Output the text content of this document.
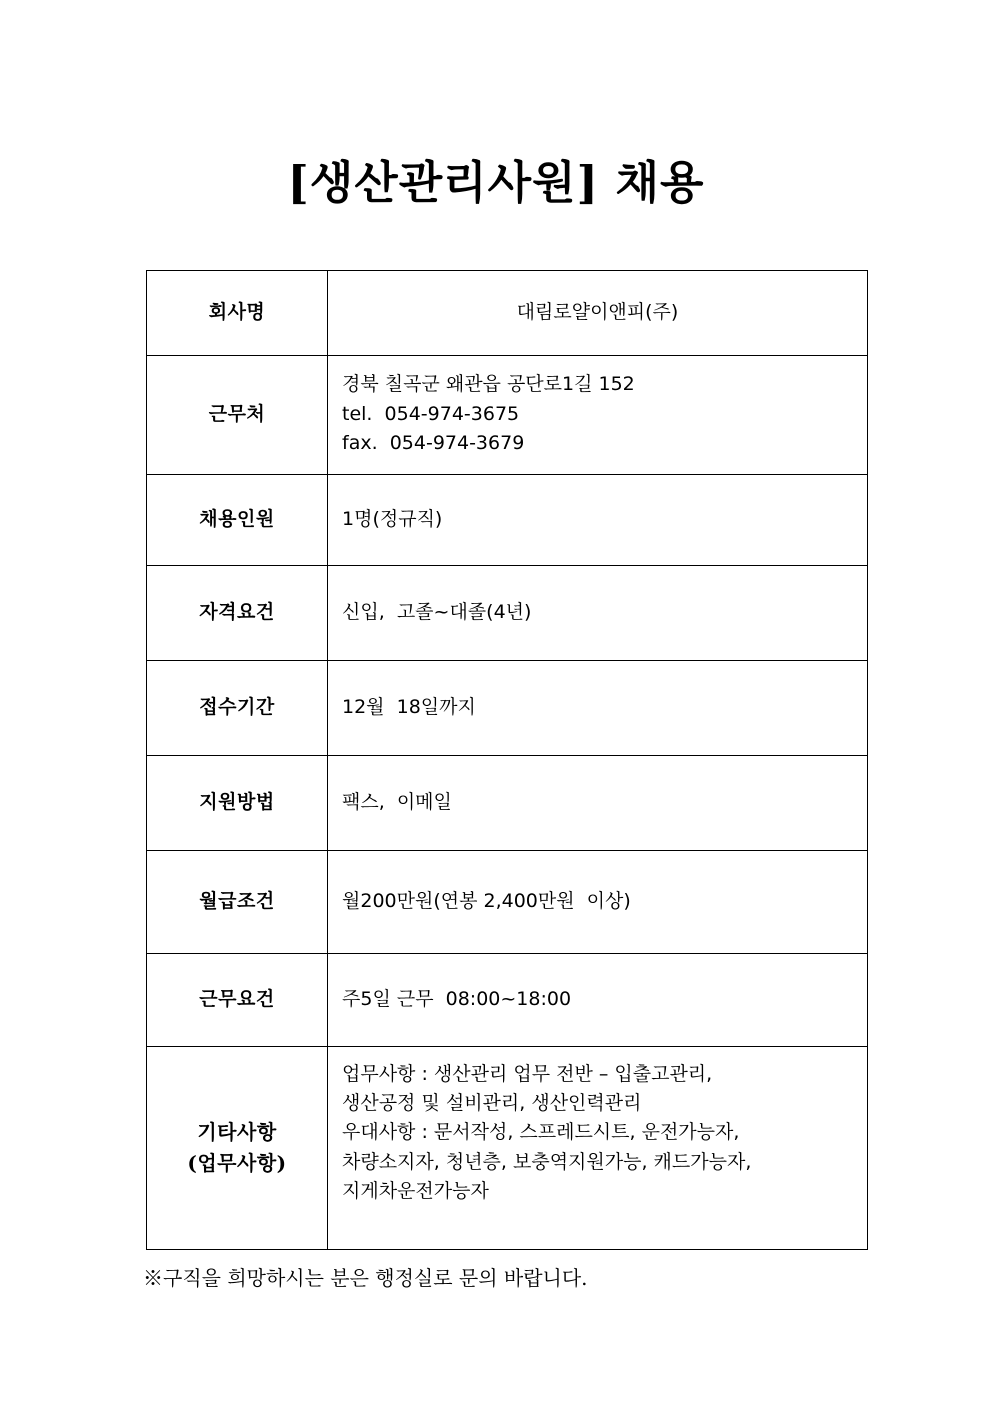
[생산관리사원] 채용
회사명	대림로얄이앤피(주)

근무처	경북 칠곡군 왜관읍 공단로1길 152
tel.  054-974-3675
fax.  054-974-3679

채용인원	1명(정규직)

자격요건	신입,  고졸~대졸(4년)

접수기간	12월  18일까지

지원방법	팩스,  이메일

월급조건	월200만원(연봉 2,400만원  이상)

근무요건	주5일 근무  08:00~18:00

기타사항
(업무사항)	업무사항 : 생산관리 업무 전반 – 입출고관리,
생산공정 및 설비관리, 생산인력관리
우대사항 : 문서작성, 스프레드시트, 운전가능자,
차량소지자, 청년층, 보충역지원가능, 캐드가능자,
지게차운전가능자
※구직을 희망하시는 분은 행정실로 문의 바랍니다.
